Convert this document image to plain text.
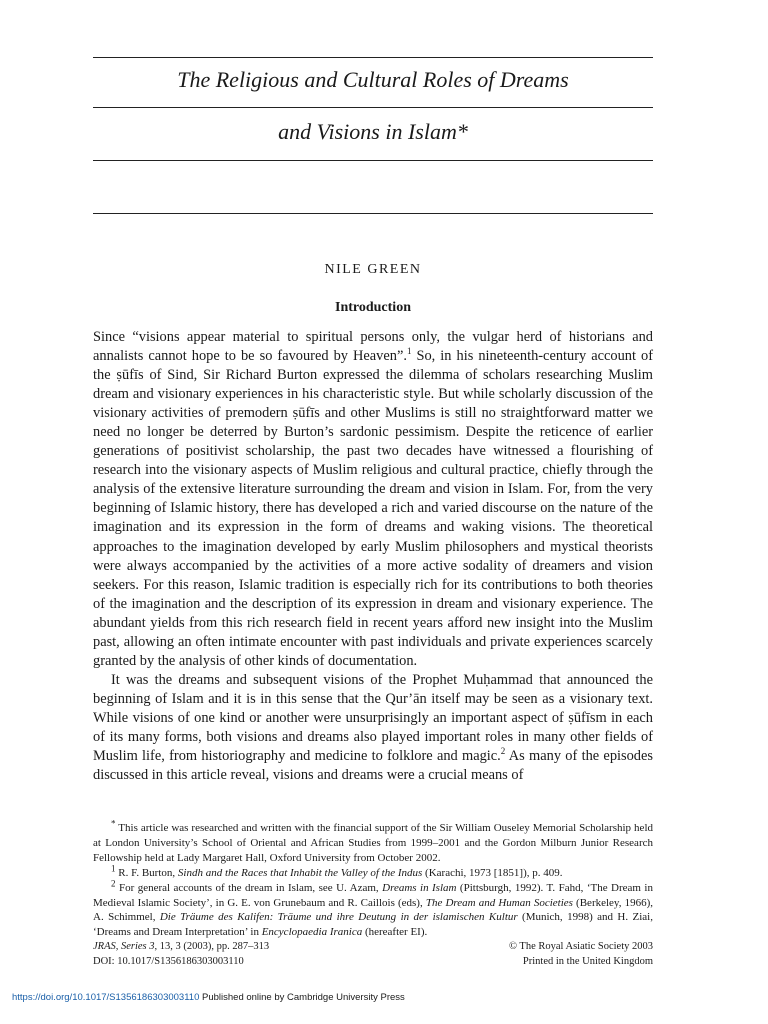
The Religious and Cultural Roles of Dreams
and Visions in Islam*
NILE GREEN
Introduction

Since “visions appear material to spiritual persons only, the vulgar herd of historians and annalists cannot hope to be so favoured by Heaven”.$^1$ So, in his nineteenth-century account of the ṣūfīs of Sind, Sir Richard Burton expressed the dilemma of scholars researching Muslim dream and visionary experiences in his characteristic style. But while scholarly discussion of the visionary activities of premodern ṣūfīs and other Muslims is still no straightforward matter we need no longer be deterred by Burton’s sardonic pessimism. Despite the reticence of earlier generations of positivist scholarship, the past two decades have witnessed a flourishing of research into the visionary aspects of Muslim religious and cultural practice, chiefly through the analysis of the extensive literature surrounding the dream and vision in Islam. For, from the very beginning of Islamic history, there has developed a rich and varied discourse on the nature of the imagination and its expression in the form of dreams and waking visions. The theoretical approaches to the imagination developed by early Muslim philosophers and mystical theorists were always accompanied by the activities of a more active sodality of dreamers and vision seekers. For this reason, Islamic tradition is especially rich for its contributions to both theories of the imagination and the description of its expression in dream and visionary experience. The abundant yields from this rich research field in recent years afford new insight into the Muslim past, allowing an often intimate encounter with past individuals and private experiences scarcely granted by the analysis of other kinds of documentation.

It was the dreams and subsequent visions of the Prophet Muḥammad that announced the beginning of Islam and it is in this sense that the Qur’ān itself may be seen as a visionary text. While visions of one kind or another were unsurprisingly an important aspect of ṣūfīsm in each of its many forms, both visions and dreams also played important roles in many other fields of Muslim life, from historiography and medicine to folklore and magic.$^2$ As many of the episodes discussed in this article reveal, visions and dreams were a crucial means of

* This article was researched and written with the financial support of the Sir William Ouseley Memorial Scholarship held at London University’s School of Oriental and African Studies from 1999–2001 and the Gordon Milburn Junior Research Fellowship held at Lady Margaret Hall, Oxford University from October 2002.

$^1$ R. F. Burton, Sindh and the Races that Inhabit the Valley of the Indus (Karachi, 1973 [1851]), p. 409.

$^2$ For general accounts of the dream in Islam, see U. Azam, Dreams in Islam (Pittsburgh, 1992). T. Fahd, ‘The Dream in Medieval Islamic Society’, in G. E. von Grunebaum and R. Caillois (eds), The Dream and Human Societies (Berkeley, 1966), A. Schimmel, Die Träume des Kalifen: Träume und ihre Deutung in der islamischen Kultur (Munich, 1998) and H. Ziai, ‘Dreams and Dream Interpretation’ in Encyclopaedia Iranica (hereafter EI).

JRAS, Series 3, 13, 3 (2003), pp. 287–313
DOI: 10.1017/S1356186303003110
© The Royal Asiatic Society 2003
Printed in the United Kingdom
https://doi.org/10.1017/S1356186303003110 Published online by Cambridge University Press
